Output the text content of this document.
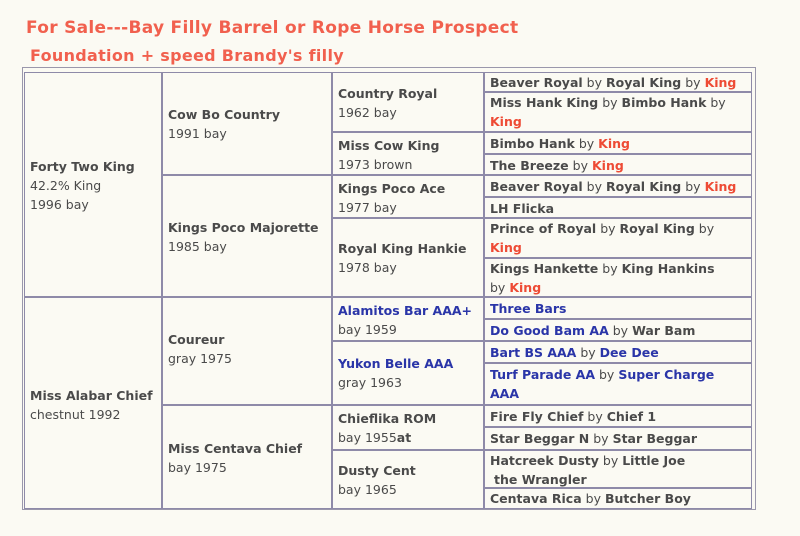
For Sale---Bay Filly Barrel or Rope Horse Prospect
Foundation + speed Brandy's filly
Forty Two King
42.2% King
1996 bay
Miss Alabar Chief
chestnut 1992
Cow Bo Country
1991 bay
Kings Poco Majorette
1985 bay
Coureur
gray 1975
Miss Centava Chief
bay 1975
Country Royal
1962 bay
Miss Cow King
1973 brown
Kings Poco Ace
1977 bay
Royal King Hankie
1978 bay
Alamitos Bar AAA+
bay 1959
Yukon Belle AAA
gray 1963
Chieflika ROM
bay 1955at
Dusty Cent
bay 1965
Beaver Royal by Royal King by King
Miss Hank King by Bimbo Hank by
King
Bimbo Hank by King
The Breeze by King
Beaver Royal by Royal King by King
LH Flicka
Prince of Royal by Royal King by
King
Kings Hankette by King Hankins
by King
Three Bars
Do Good Bam AA by War Bam
Bart BS AAA by Dee Dee
Turf Parade AA by Super Charge AAA

Fire Fly Chief by Chief 1
Star Beggar N by Star Beggar
Hatcreek Dusty by Little Joe
the Wrangler
Centava Rica by Butcher Boy
